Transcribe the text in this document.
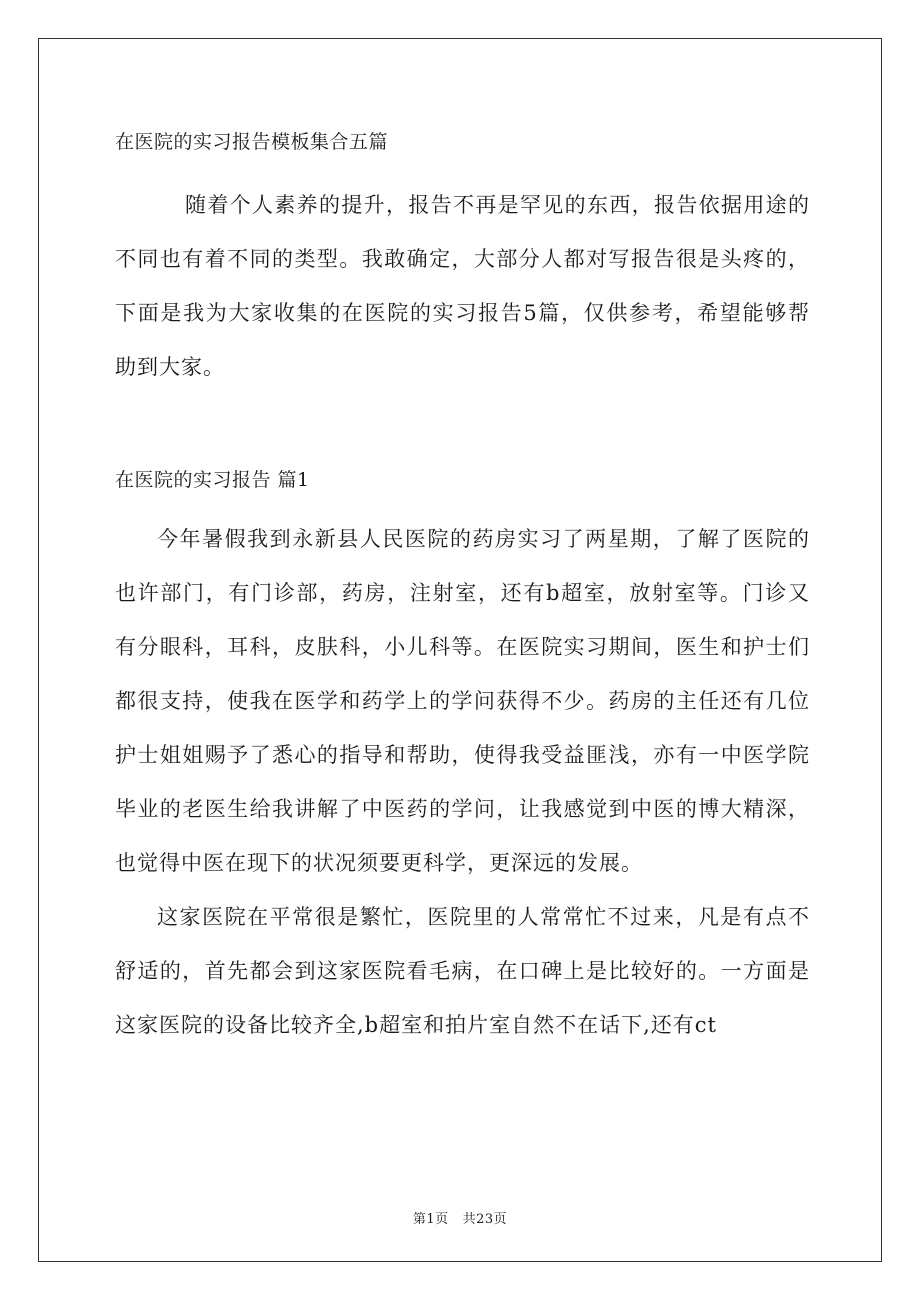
在医院的实习报告模板集合五篇

随着个人素养的提升，报告不再是罕见的东西，报告依据用途的不同也有着不同的类型。我敢确定，大部分人都对写报告很是头疼的，下面是我为大家收集的在医院的实习报告5篇，仅供参考，希望能够帮助到大家。

在医院的实习报告 篇1

今年暑假我到永新县人民医院的药房实习了两星期，了解了医院的也许部门，有门诊部，药房，注射室，还有b超室，放射室等。门诊又有分眼科，耳科，皮肤科，小儿科等。在医院实习期间，医生和护士们都很支持，使我在医学和药学上的学问获得不少。药房的主任还有几位护士姐姐赐予了悉心的指导和帮助，使得我受益匪浅，亦有一中医学院毕业的老医生给我讲解了中医药的学问，让我感觉到中医的博大精深，也觉得中医在现下的状况须要更科学，更深远的发展。

这家医院在平常很是繁忙，医院里的人常常忙不过来，凡是有点不舒适的，首先都会到这家医院看毛病，在口碑上是比较好的。一方面是这家医院的设备比较齐全,b超室和拍片室自然不在话下,还有ct

第1页 共23页
